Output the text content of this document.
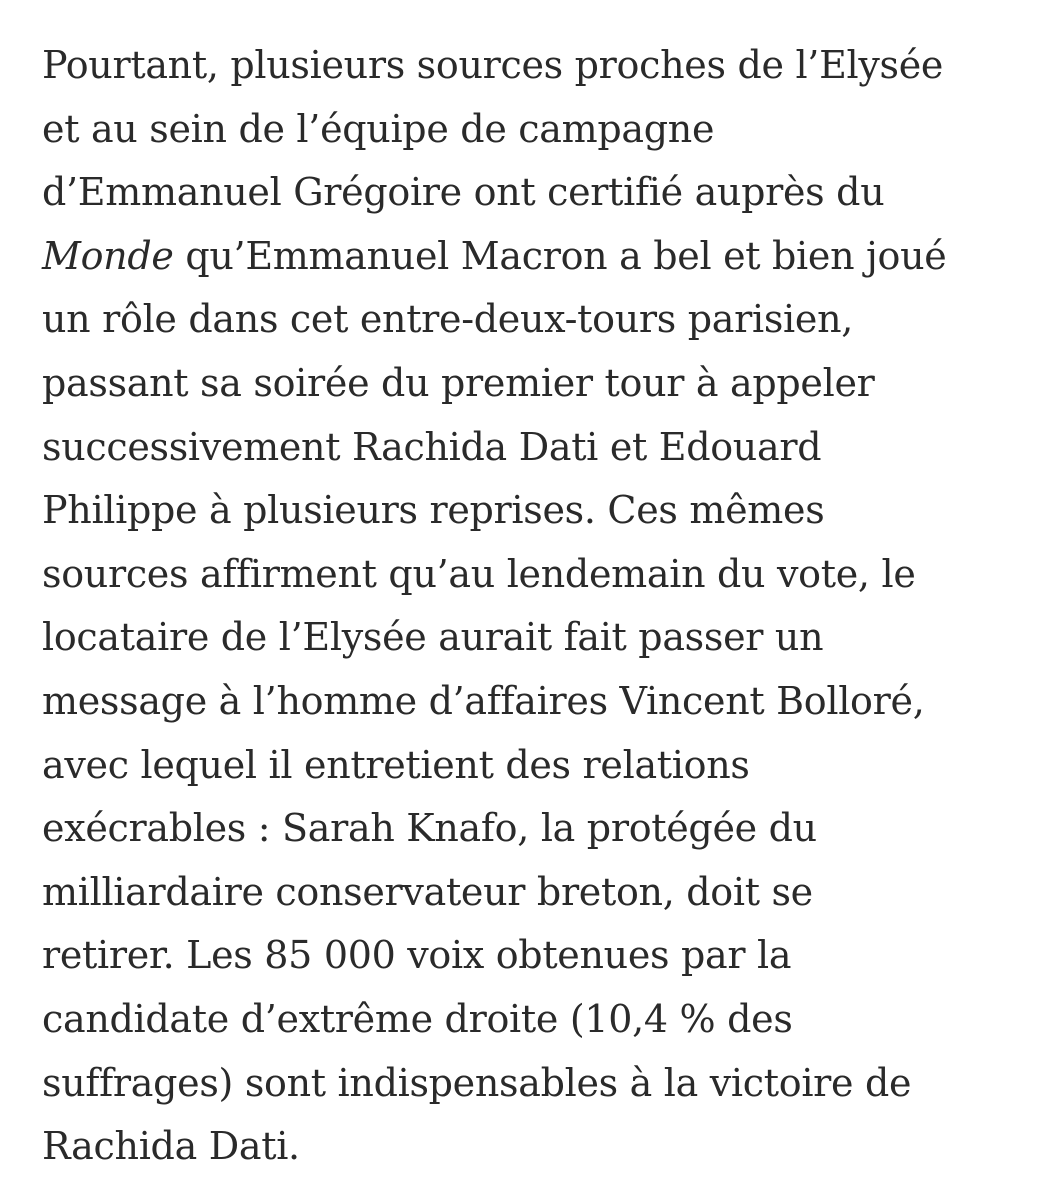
Pourtant, plusieurs sources proches de l’Elysée
et au sein de l’équipe de campagne
d’Emmanuel Grégoire ont certifié auprès du
Monde qu’Emmanuel Macron a bel et bien joué
un rôle dans cet entre-deux-tours parisien,
passant sa soirée du premier tour à appeler
successivement Rachida Dati et Edouard
Philippe à plusieurs reprises. Ces mêmes
sources affirment qu’au lendemain du vote, le
locataire de l’Elysée aurait fait passer un
message à l’homme d’affaires Vincent Bolloré,
avec lequel il entretient des relations
exécrables : Sarah Knafo, la protégée du
milliardaire conservateur breton, doit se
retirer. Les 85 000 voix obtenues par la
candidate d’extrême droite (10,4 % des
suffrages) sont indispensables à la victoire de
Rachida Dati.
